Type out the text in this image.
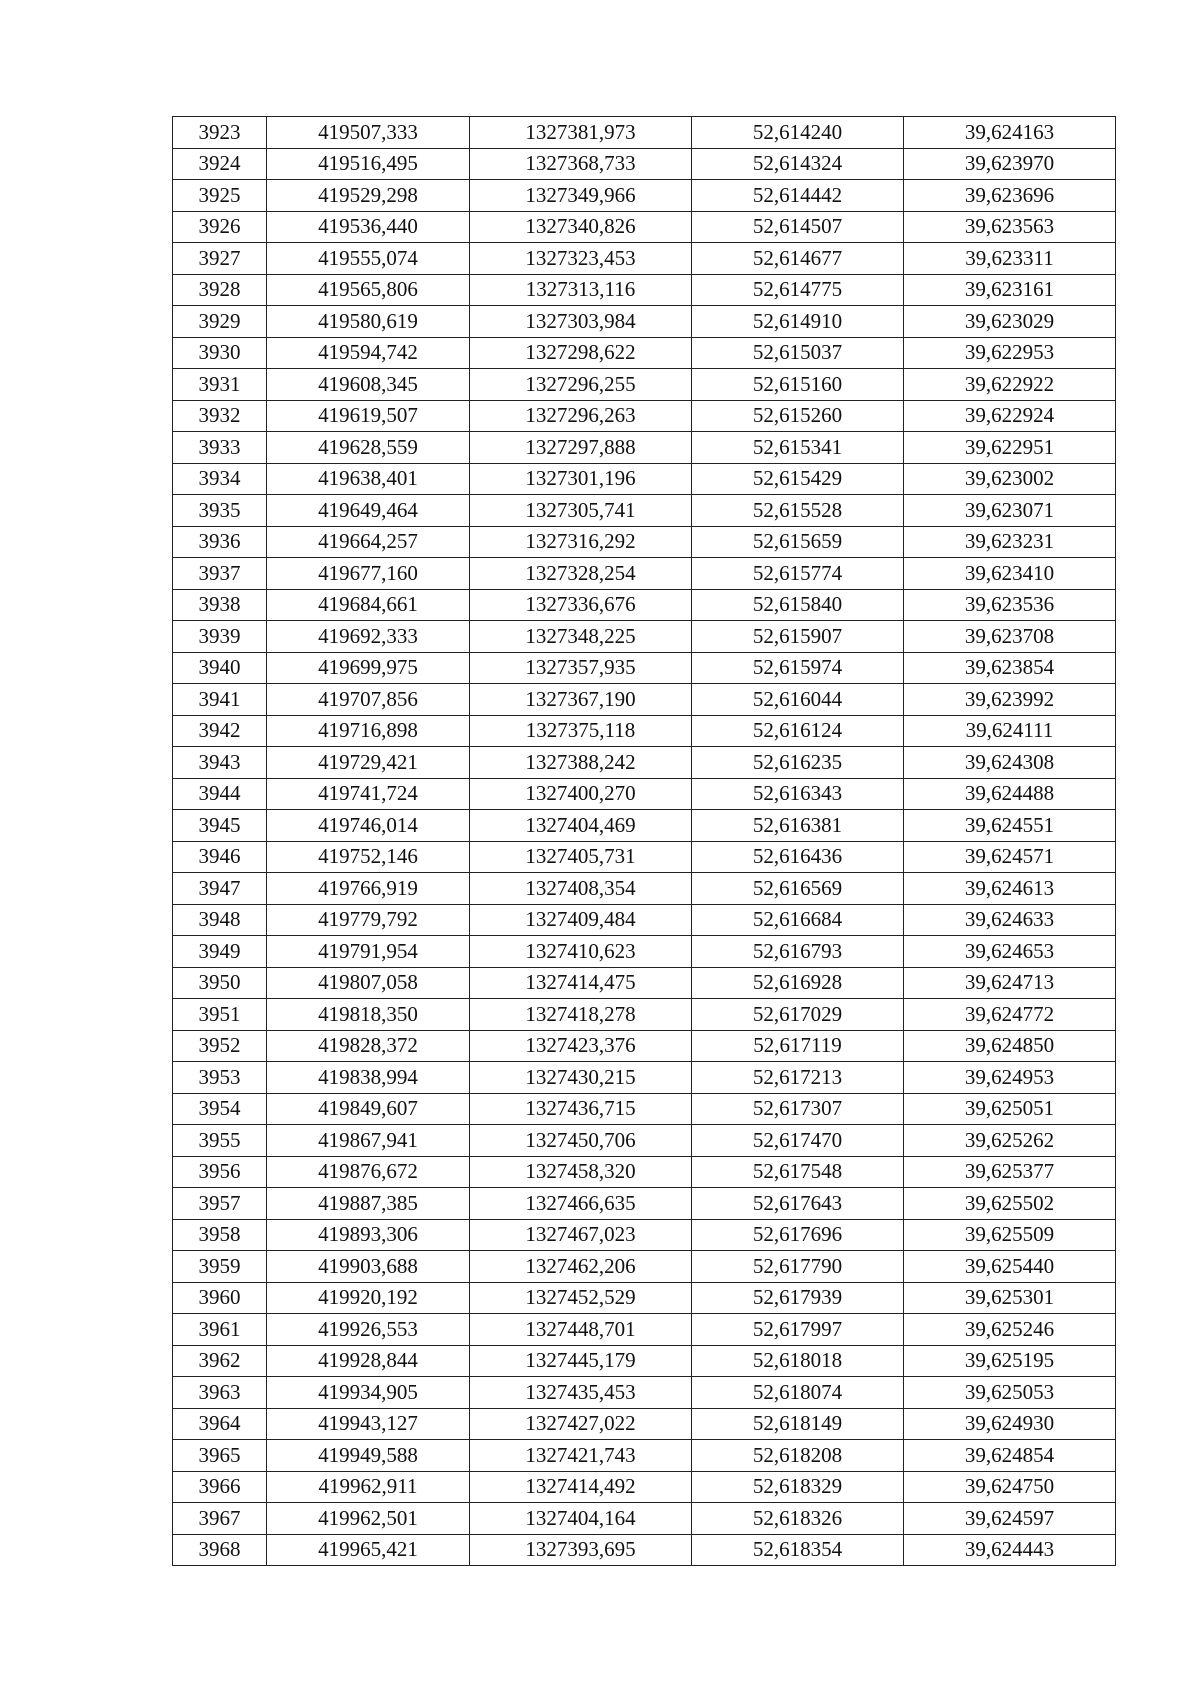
3923	419507,333	1327381,973	52,614240	39,624163
3924	419516,495	1327368,733	52,614324	39,623970
3925	419529,298	1327349,966	52,614442	39,623696
3926	419536,440	1327340,826	52,614507	39,623563
3927	419555,074	1327323,453	52,614677	39,623311
3928	419565,806	1327313,116	52,614775	39,623161
3929	419580,619	1327303,984	52,614910	39,623029
3930	419594,742	1327298,622	52,615037	39,622953
3931	419608,345	1327296,255	52,615160	39,622922
3932	419619,507	1327296,263	52,615260	39,622924
3933	419628,559	1327297,888	52,615341	39,622951
3934	419638,401	1327301,196	52,615429	39,623002
3935	419649,464	1327305,741	52,615528	39,623071
3936	419664,257	1327316,292	52,615659	39,623231
3937	419677,160	1327328,254	52,615774	39,623410
3938	419684,661	1327336,676	52,615840	39,623536
3939	419692,333	1327348,225	52,615907	39,623708
3940	419699,975	1327357,935	52,615974	39,623854
3941	419707,856	1327367,190	52,616044	39,623992
3942	419716,898	1327375,118	52,616124	39,624111
3943	419729,421	1327388,242	52,616235	39,624308
3944	419741,724	1327400,270	52,616343	39,624488
3945	419746,014	1327404,469	52,616381	39,624551
3946	419752,146	1327405,731	52,616436	39,624571
3947	419766,919	1327408,354	52,616569	39,624613
3948	419779,792	1327409,484	52,616684	39,624633
3949	419791,954	1327410,623	52,616793	39,624653
3950	419807,058	1327414,475	52,616928	39,624713
3951	419818,350	1327418,278	52,617029	39,624772
3952	419828,372	1327423,376	52,617119	39,624850
3953	419838,994	1327430,215	52,617213	39,624953
3954	419849,607	1327436,715	52,617307	39,625051
3955	419867,941	1327450,706	52,617470	39,625262
3956	419876,672	1327458,320	52,617548	39,625377
3957	419887,385	1327466,635	52,617643	39,625502
3958	419893,306	1327467,023	52,617696	39,625509
3959	419903,688	1327462,206	52,617790	39,625440
3960	419920,192	1327452,529	52,617939	39,625301
3961	419926,553	1327448,701	52,617997	39,625246
3962	419928,844	1327445,179	52,618018	39,625195
3963	419934,905	1327435,453	52,618074	39,625053
3964	419943,127	1327427,022	52,618149	39,624930
3965	419949,588	1327421,743	52,618208	39,624854
3966	419962,911	1327414,492	52,618329	39,624750
3967	419962,501	1327404,164	52,618326	39,624597
3968	419965,421	1327393,695	52,618354	39,624443
